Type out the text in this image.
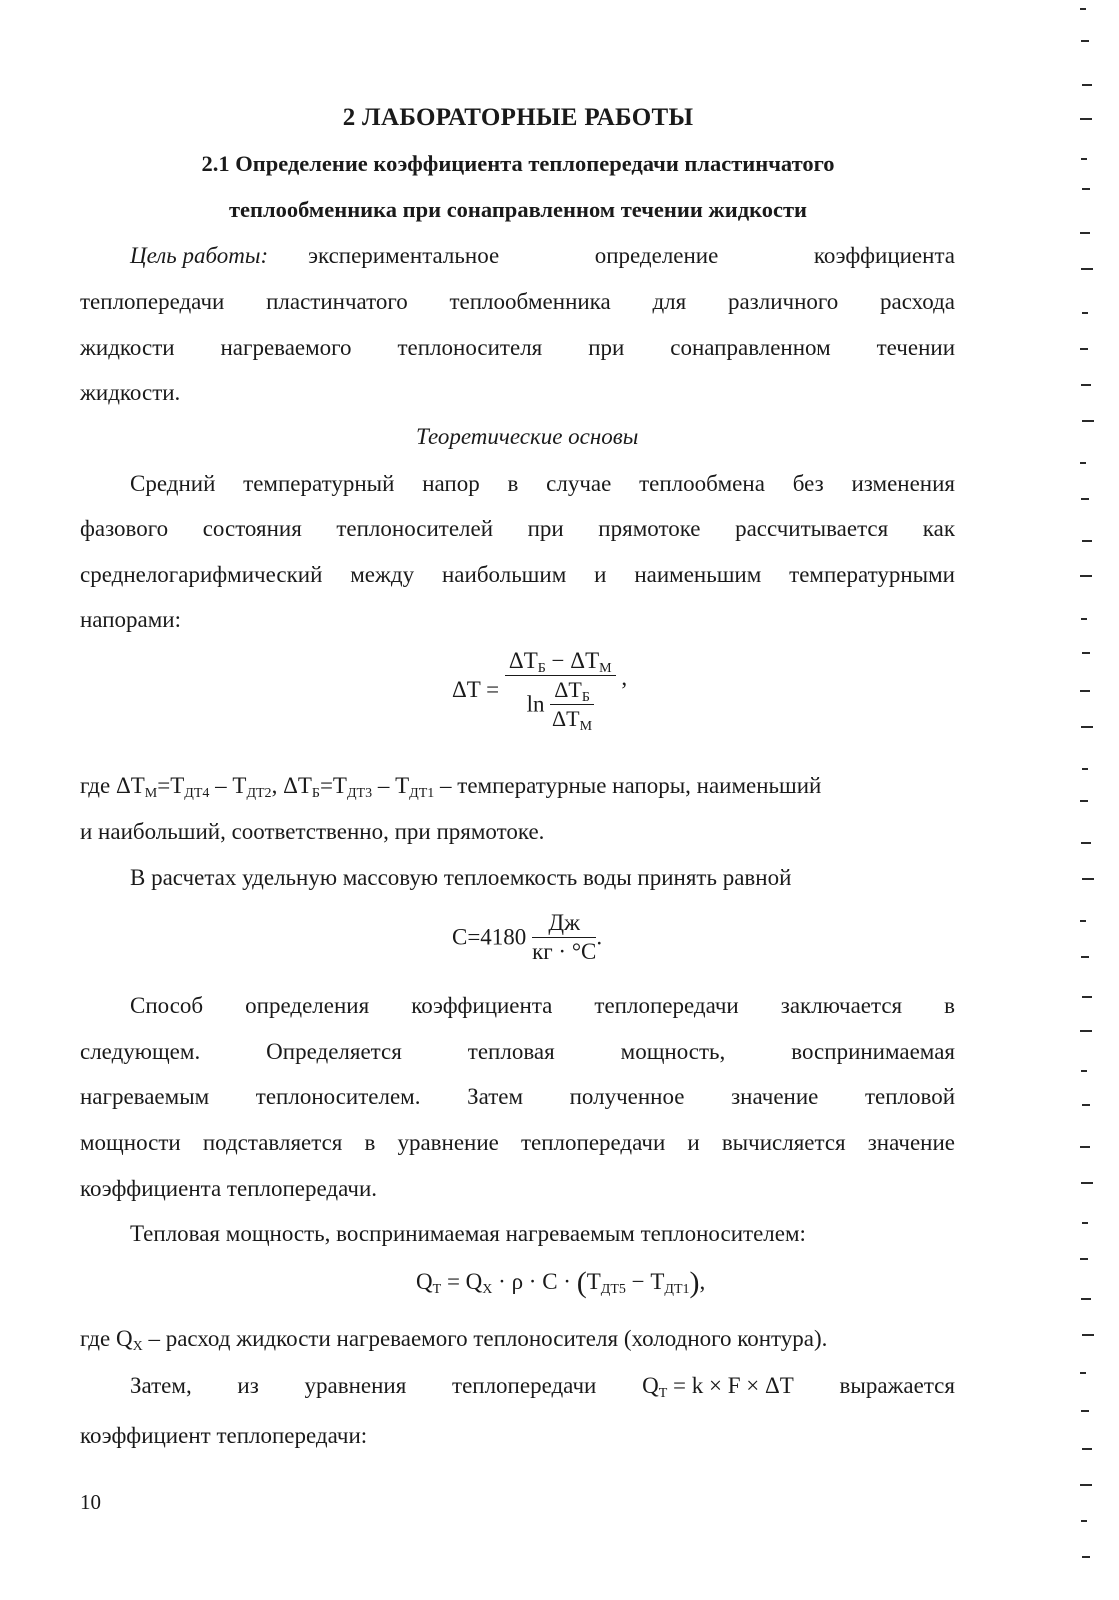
2 ЛАБОРАТОРНЫЕ РАБОТЫ
2.1 Определение коэффициента теплопередачи пластинчатого
теплообменника при сонаправленном течении жидкости
Цель работы: экспериментальное определение коэффициента
теплопередачи пластинчатого теплообменника для различного расхода
жидкости нагреваемого теплоносителя при сонаправленном течении
жидкости.
Теоретические основы
Средний температурный напор в случае теплообмена без изменения
фазового состояния теплоносителей при прямотоке рассчитывается как
среднелогарифмический между наибольшим и наименьшим температурными
напорами:
$\Delta T = \frac{\Delta T_Б - \Delta T_М}{\ln \frac{\Delta T_Б}{\Delta T_М}}$ ,
где $\Delta T_М=T_{ДТ4} - T_{ДТ2}$, $\Delta T_Б=T_{ДТ3} - T_{ДТ1}$ – температурные напоры, наименьший
и наибольший, соответственно, при прямотоке.
В расчетах удельную массовую теплоемкость воды принять равной
$C=4180 \frac{Дж}{кг \cdot ^\circ C}$ .
Способ определения коэффициента теплопередачи заключается в
следующем. Определяется тепловая мощность, воспринимаемая
нагреваемым теплоносителем. Затем полученное значение тепловой
мощности подставляется в уравнение теплопередачи и вычисляется значение
коэффициента теплопередачи.
Тепловая мощность, воспринимаемая нагреваемым теплоносителем:
$Q_Т = Q_X \cdot \rho \cdot C \cdot (T_{ДТ5} - T_{ДТ1})$,
где $Q_X$ – расход жидкости нагреваемого теплоносителя (холодного контура).
Затем, из уравнения теплопередачи $Q_Т = k \times F \times \Delta T$ выражается
коэффициент теплопередачи:
10
